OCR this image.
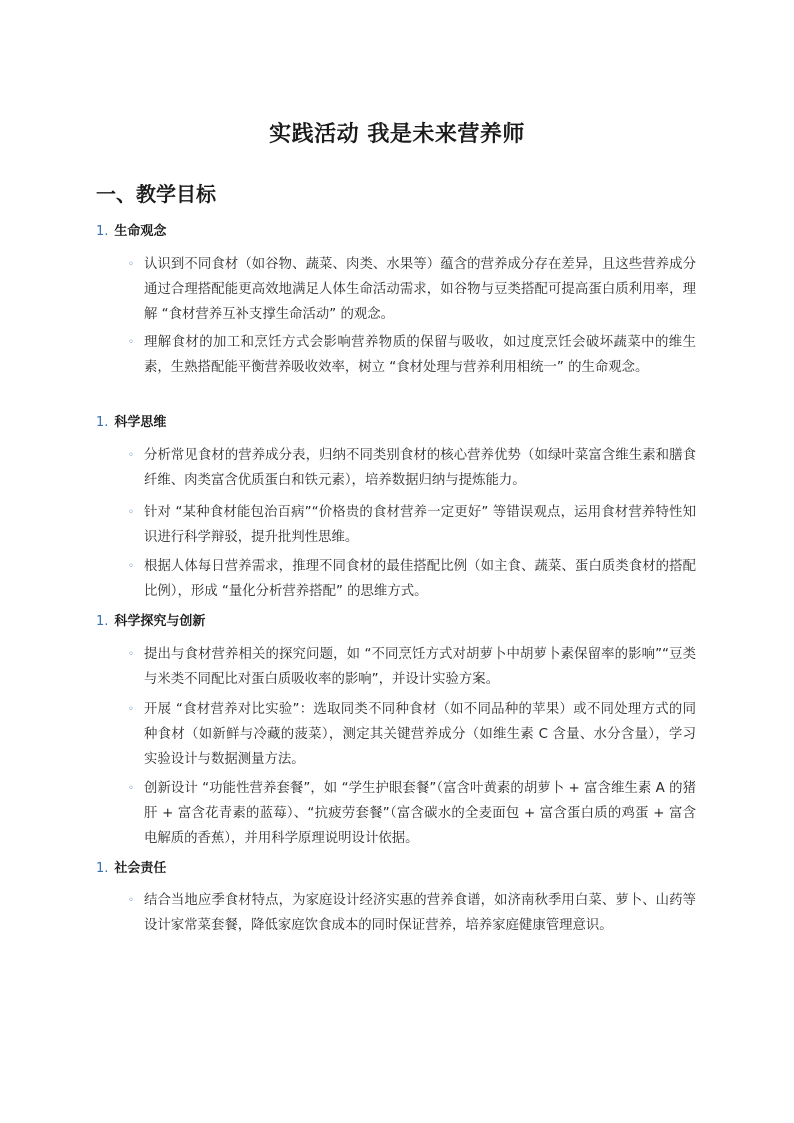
实践活动 我是未来营养师
一、教学目标
1. 生命观念
◦ 认识到不同食材（如谷物、蔬菜、肉类、水果等）蕴含的营养成分存在差异，且这些营养成分通过合理搭配能更高效地满足人体生命活动需求，如谷物与豆类搭配可提高蛋白质利用率，理解 “食材营养互补支撑生命活动” 的观念。
◦ 理解食材的加工和烹饪方式会影响营养物质的保留与吸收，如过度烹饪会破坏蔬菜中的维生素，生熟搭配能平衡营养吸收效率，树立 “食材处理与营养利用相统一” 的生命观念。
1. 科学思维
◦ 分析常见食材的营养成分表，归纳不同类别食材的核心营养优势（如绿叶菜富含维生素和膳食纤维、肉类富含优质蛋白和铁元素），培养数据归纳与提炼能力。
◦ 针对 “某种食材能包治百病”“价格贵的食材营养一定更好” 等错误观点，运用食材营养特性知识进行科学辩驳，提升批判性思维。
◦ 根据人体每日营养需求，推理不同食材的最佳搭配比例（如主食、蔬菜、蛋白质类食材的搭配比例），形成 “量化分析营养搭配” 的思维方式。
1. 科学探究与创新
◦ 提出与食材营养相关的探究问题，如 “不同烹饪方式对胡萝卜中胡萝卜素保留率的影响”“豆类与米类不同配比对蛋白质吸收率的影响”，并设计实验方案。
◦ 开展 “食材营养对比实验”：选取同类不同种食材（如不同品种的苹果）或不同处理方式的同种食材（如新鲜与冷藏的菠菜），测定其关键营养成分（如维生素 C 含量、水分含量），学习实验设计与数据测量方法。
◦ 创新设计 “功能性营养套餐”，如 “学生护眼套餐”（富含叶黄素的胡萝卜 + 富含维生素 A 的猪肝 + 富含花青素的蓝莓）、“抗疲劳套餐”（富含碳水的全麦面包 + 富含蛋白质的鸡蛋 + 富含电解质的香蕉），并用科学原理说明设计依据。
1. 社会责任
◦ 结合当地应季食材特点，为家庭设计经济实惠的营养食谱，如济南秋季用白菜、萝卜、山药等设计家常菜套餐，降低家庭饮食成本的同时保证营养，培养家庭健康管理意识。
